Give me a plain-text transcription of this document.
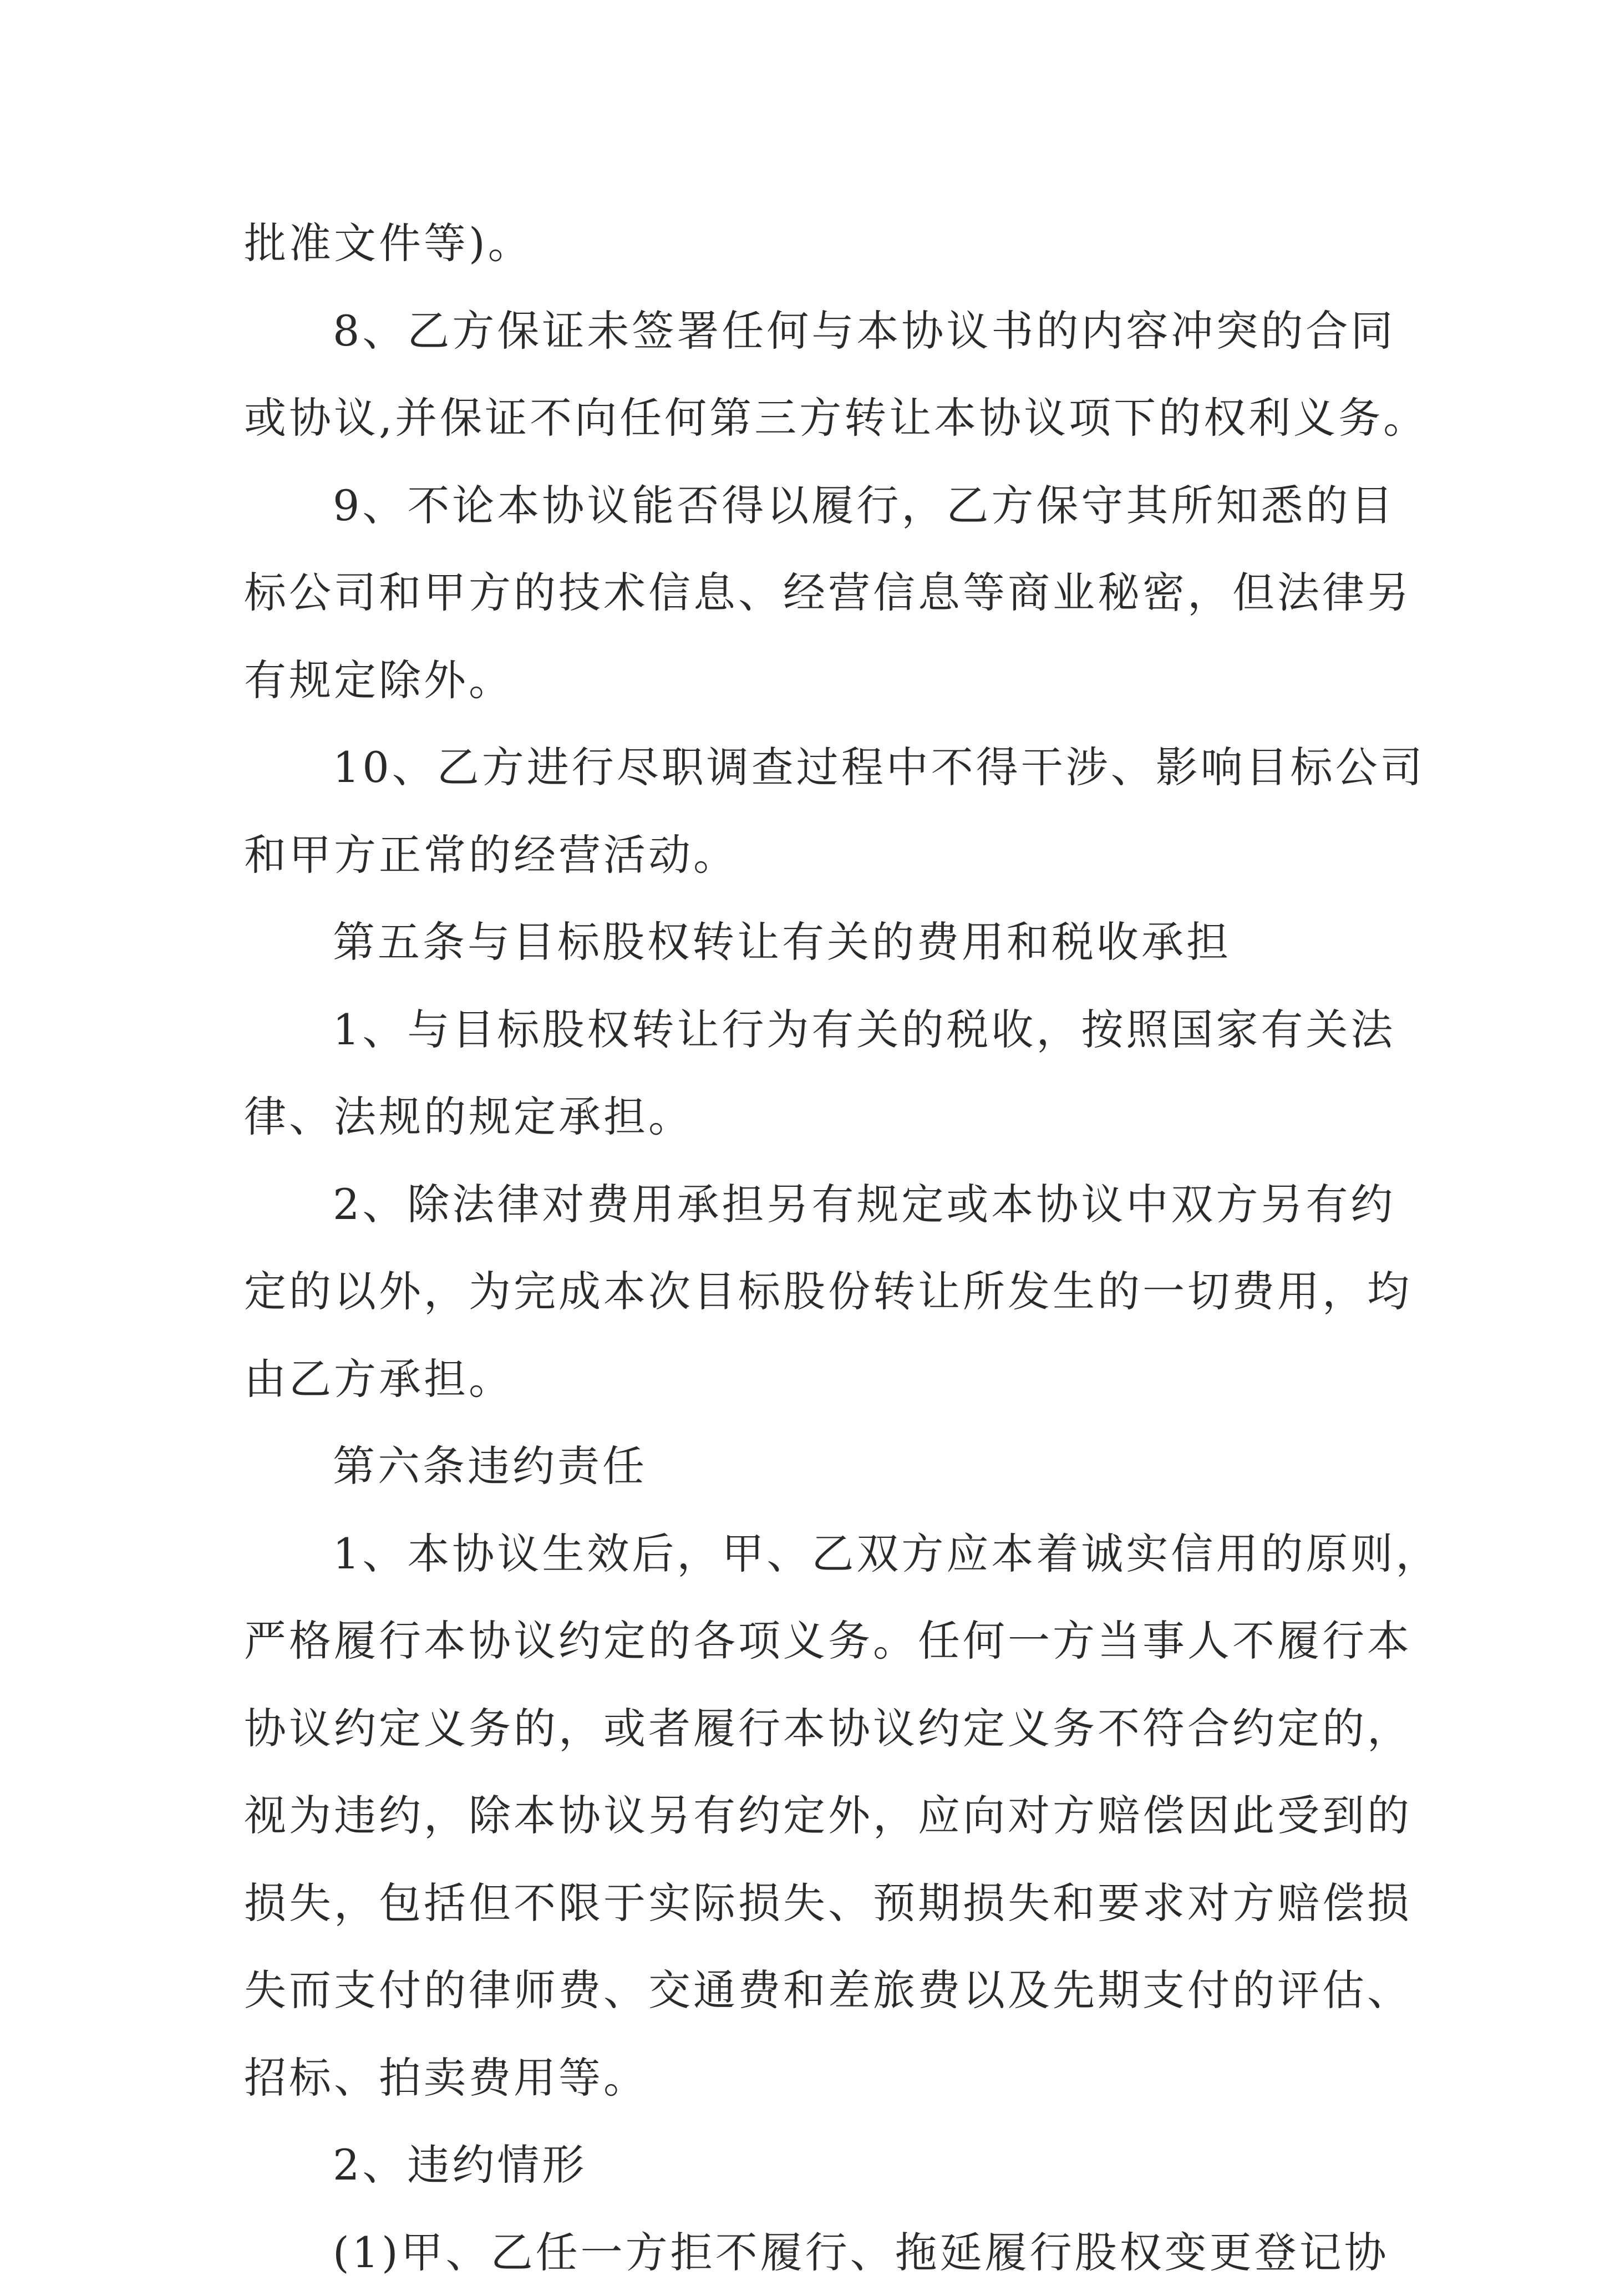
批准文件等)。
8、乙方保证未签署任何与本协议书的内容冲突的合同
或协议,并保证不向任何第三方转让本协议项下的权利义务。
9、不论本协议能否得以履行，乙方保守其所知悉的目
标公司和甲方的技术信息、经营信息等商业秘密，但法律另
有规定除外。
10、乙方进行尽职调查过程中不得干涉、影响目标公司
和甲方正常的经营活动。
第五条与目标股权转让有关的费用和税收承担
1、与目标股权转让行为有关的税收，按照国家有关法
律、法规的规定承担。
2、除法律对费用承担另有规定或本协议中双方另有约
定的以外，为完成本次目标股份转让所发生的一切费用，均
由乙方承担。
第六条违约责任
1、本协议生效后，甲、乙双方应本着诚实信用的原则，
严格履行本协议约定的各项义务。任何一方当事人不履行本
协议约定义务的，或者履行本协议约定义务不符合约定的，
视为违约，除本协议另有约定外，应向对方赔偿因此受到的
损失，包括但不限于实际损失、预期损失和要求对方赔偿损
失而支付的律师费、交通费和差旅费以及先期支付的评估、
招标、拍卖费用等。
2、违约情形
(1)甲、乙任一方拒不履行、拖延履行股权变更登记协
